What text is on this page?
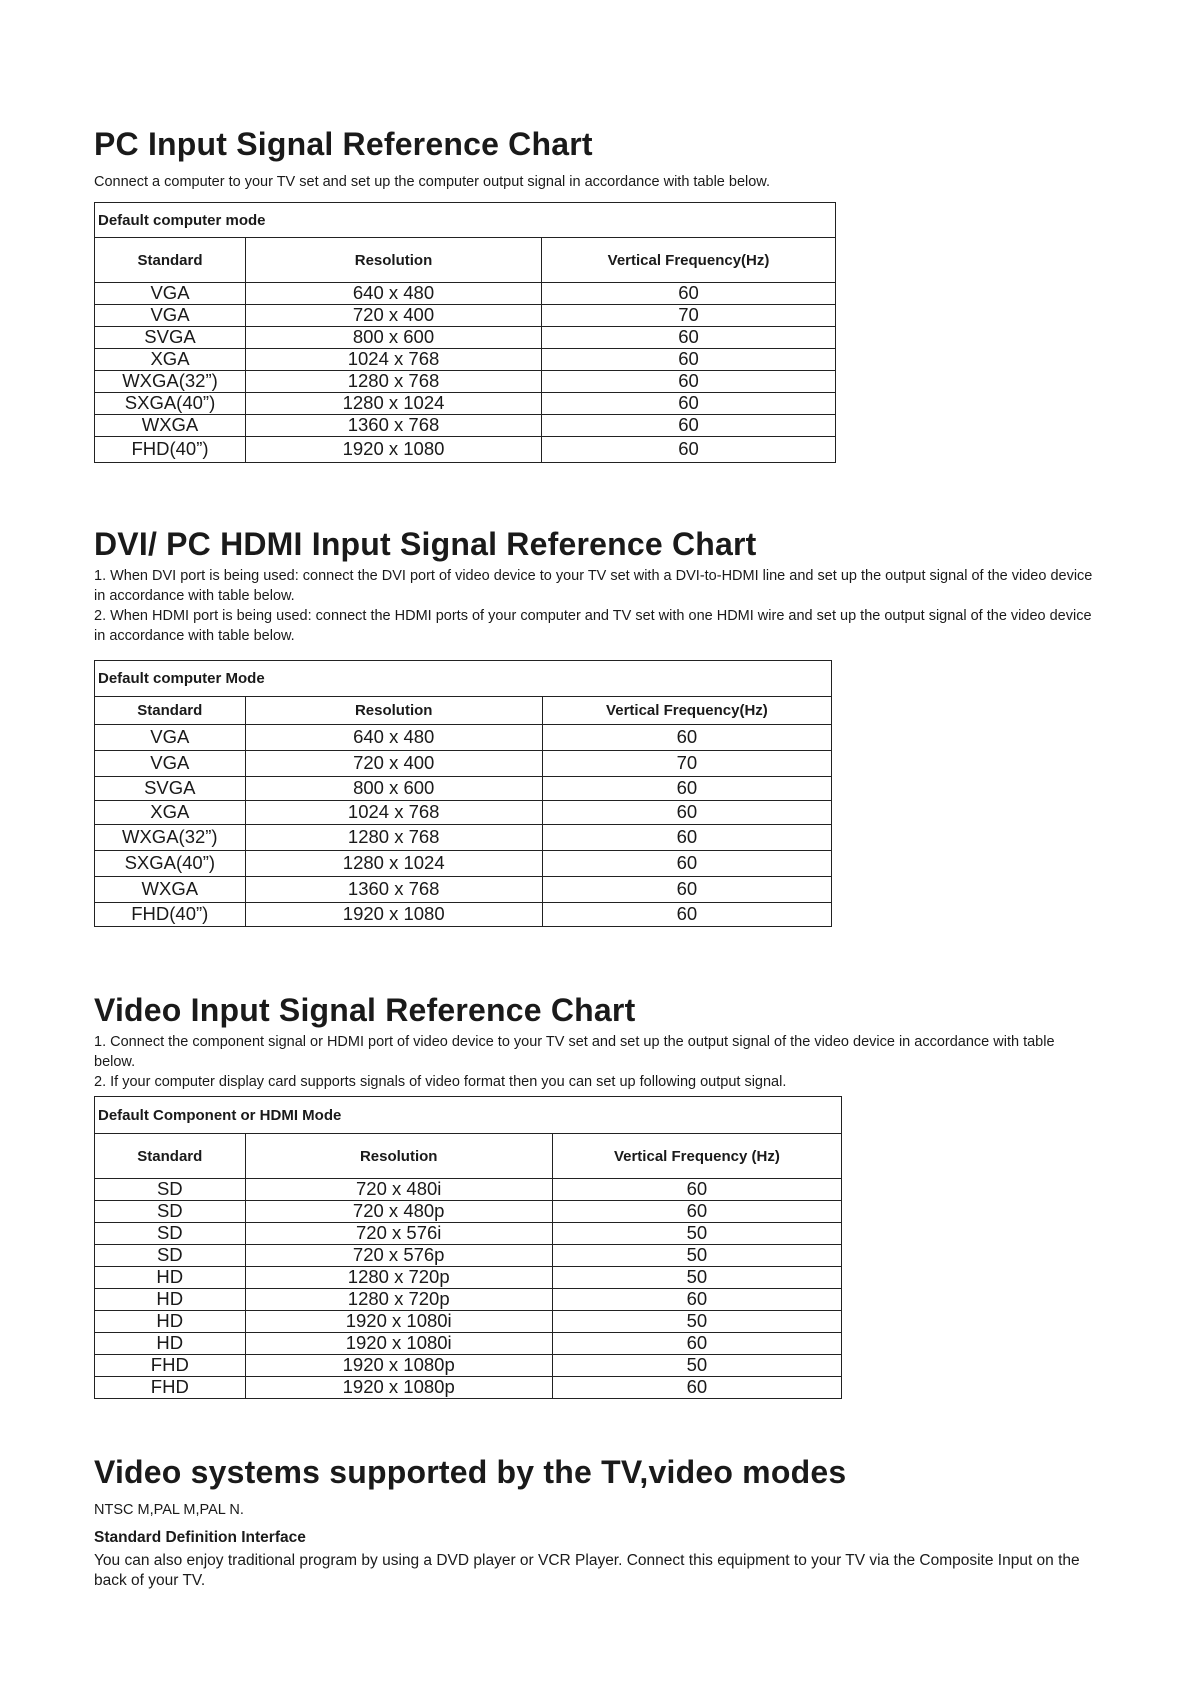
PC Input Signal Reference Chart

Connect a computer to your TV set and set up the computer output signal in accordance with table below.

Default computer mode		
Standard	Resolution	Vertical Frequency(Hz)
VGA	640 x 480	60
VGA	720 x 400	70
SVGA	800 x 600	60
XGA	1024 x 768	60
WXGA(32”)	1280 x 768	60
SXGA(40”)	1280 x 1024	60
WXGA	1360 x 768	60
FHD(40”)	1920 x 1080	60
DVI/ PC HDMI Input Signal Reference Chart

1. When DVI port is being used: connect the DVI port of video device to your TV set with a DVI-to-HDMI line and set up the output signal of the video device in accordance with table below.

2. When HDMI port is being used: connect the HDMI ports of your computer and TV set with one HDMI wire and set up the output signal of the video device in accordance with table below.

Default computer Mode		
Standard	Resolution	Vertical Frequency(Hz)
VGA	640 x 480	60
VGA	720 x 400	70
SVGA	800 x 600	60
XGA	1024 x 768	60
WXGA(32”)	1280 x 768	60
SXGA(40”)	1280 x 1024	60
WXGA	1360 x 768	60
FHD(40”)	1920 x 1080	60
Video Input Signal Reference Chart

1. Connect the component signal or HDMI port of video device to your TV set and set up the output signal of the video device in accordance with table below.

2. If your computer display card supports signals of video format then you can set up following output signal.

Default Component or HDMI Mode		
Standard	Resolution	Vertical Frequency (Hz)
SD	720 x 480i	60
SD	720 x 480p	60
SD	720 x 576i	50
SD	720 x 576p	50
HD	1280 x 720p	50
HD	1280 x 720p	60
HD	1920 x 1080i	50
HD	1920 x 1080i	60
FHD	1920 x 1080p	50
FHD	1920 x 1080p	60
Video systems supported by the TV,video modes

NTSC M,PAL M,PAL N.

Standard Definition Interface

You can also enjoy traditional program by using a DVD player or VCR Player. Connect this equipment to your TV via the Composite Input on the back of your TV.
